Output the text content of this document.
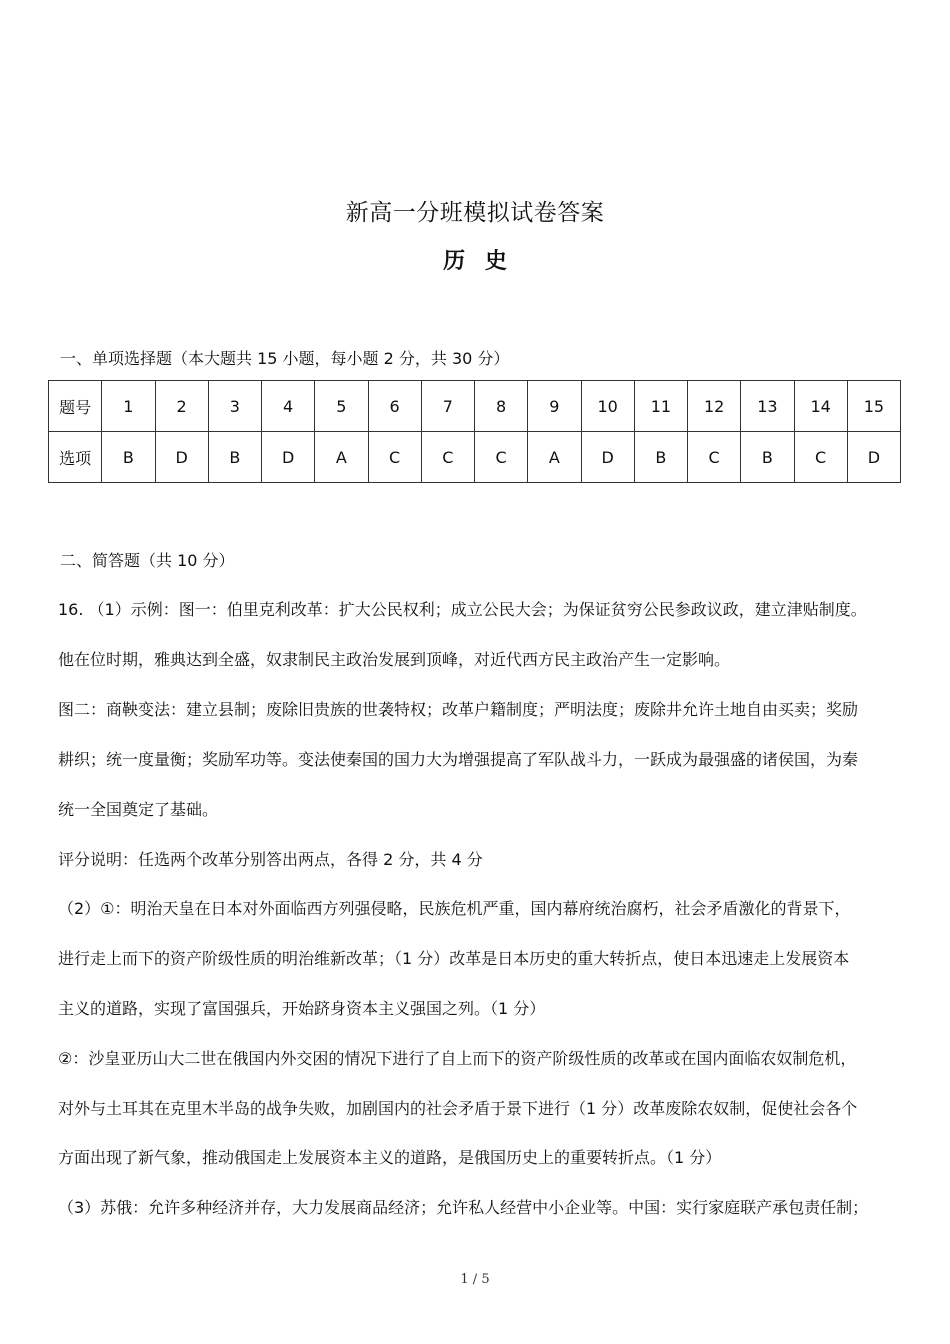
新高一分班模拟试卷答案
历 史
一、单项选择题（本大题共 15 小题，每小题 2 分，共 30 分）
题号	1	2	3	4	5	6	7	8	9	10	11	12	13	14	15
选项	B	D	B	D	A	C	C	C	A	D	B	C	B	C	D
二、简答题（共 10 分）
16. （1）示例：图一：伯里克利改革：扩大公民权利；成立公民大会；为保证贫穷公民参政议政，建立津贴制度。
他在位时期，雅典达到全盛，奴隶制民主政治发展到顶峰，对近代西方民主政治产生一定影响。
图二：商鞅变法：建立县制；废除旧贵族的世袭特权；改革户籍制度；严明法度；废除井允许土地自由买卖；奖励
耕织；统一度量衡；奖励军功等。变法使秦国的国力大为增强提高了军队战斗力，一跃成为最强盛的诸侯国，为秦
统一全国奠定了基础。
评分说明：任选两个改革分别答出两点，各得 2 分，共 4 分
（2）①：明治天皇在日本对外面临西方列强侵略，民族危机严重，国内幕府统治腐朽，社会矛盾激化的背景下，
进行走上而下的资产阶级性质的明治维新改革；（1 分）改革是日本历史的重大转折点，使日本迅速走上发展资本
主义的道路，实现了富国强兵，开始跻身资本主义强国之列。（1 分）
②：沙皇亚历山大二世在俄国内外交困的情况下进行了自上而下的资产阶级性质的改革或在国内面临农奴制危机，
对外与土耳其在克里木半岛的战争失败，加剧国内的社会矛盾于景下进行（1 分）改革废除农奴制，促使社会各个
方面出现了新气象，推动俄国走上发展资本主义的道路，是俄国历史上的重要转折点。（1 分）
（3）苏俄：允许多种经济并存，大力发展商品经济；允许私人经营中小企业等。中国：实行家庭联产承包责任制；
1 / 5
